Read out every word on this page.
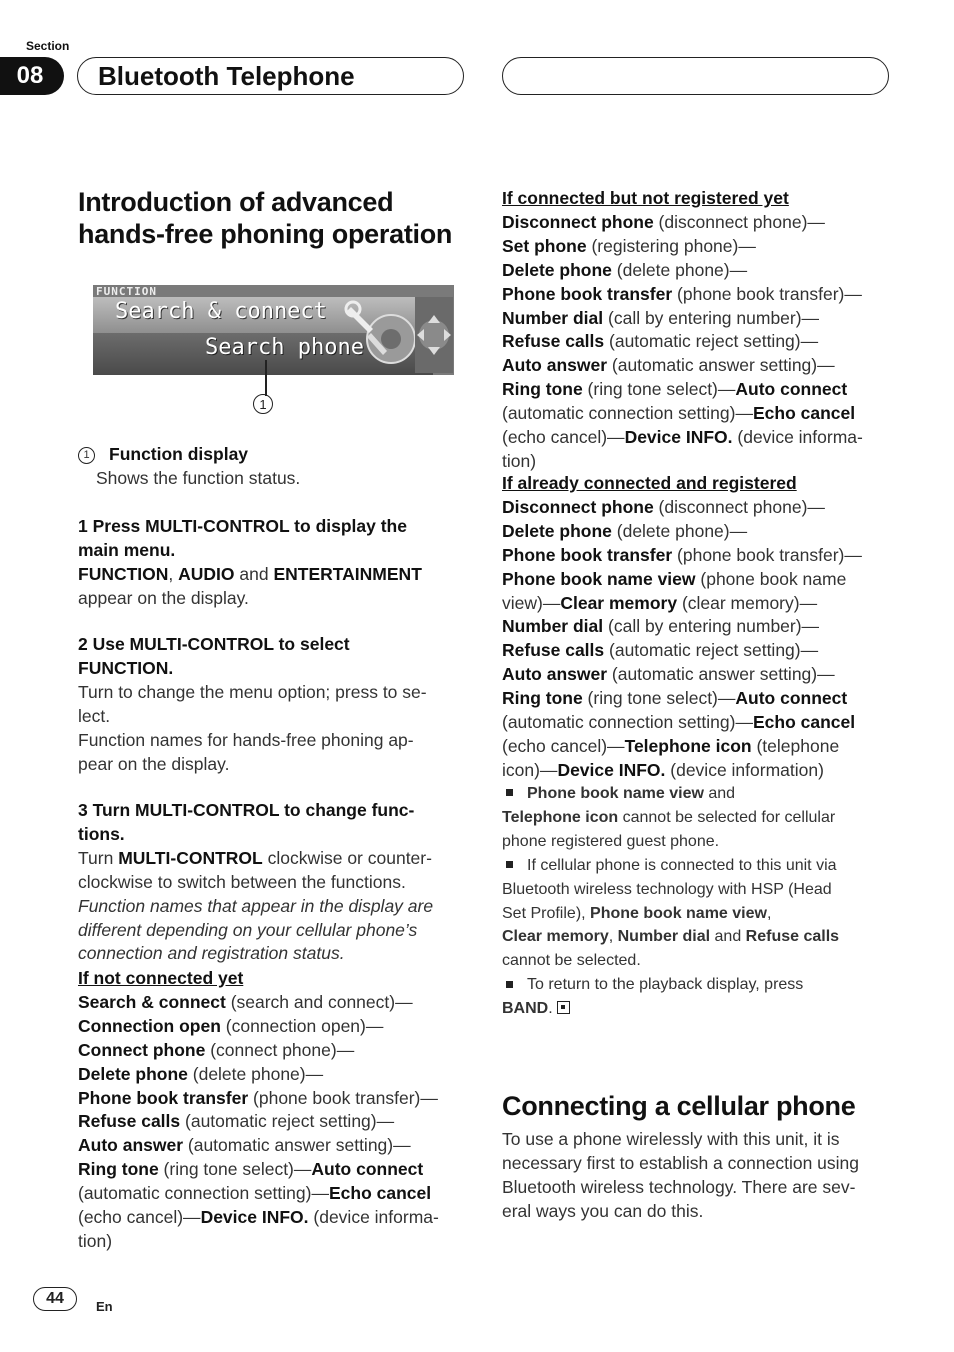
Section
08	Bluetooth Telephone
Introduction of advanced
hands-free phoning operation
FUNCTION
Search & connect
Search phone
1
1 Function display
Shows the function status.
1 Press MULTI-CONTROL to display the
main menu.
FUNCTION, AUDIO and ENTERTAINMENT
appear on the display.
2 Use MULTI-CONTROL to select
FUNCTION.
Turn to change the menu option; press to se-
lect.
Function names for hands-free phoning ap-
pear on the display.
3 Turn MULTI-CONTROL to change func-
tions.
Turn MULTI-CONTROL clockwise or counter-
clockwise to switch between the functions.
Function names that appear in the display are
different depending on your cellular phone’s
connection and registration status.
If not connected yet
Search & connect (search and connect)—
Connection open (connection open)—
Connect phone (connect phone)—
Delete phone (delete phone)—
Phone book transfer (phone book transfer)—
Refuse calls (automatic reject setting)—
Auto answer (automatic answer setting)—
Ring tone (ring tone select)—Auto connect
(automatic connection setting)—Echo cancel
(echo cancel)—Device INFO. (device informa-
tion)
If connected but not registered yet
Disconnect phone (disconnect phone)—
Set phone (registering phone)—
Delete phone (delete phone)—
Phone book transfer (phone book transfer)—
Number dial (call by entering number)—
Refuse calls (automatic reject setting)—
Auto answer (automatic answer setting)—
Ring tone (ring tone select)—Auto connect
(automatic connection setting)—Echo cancel
(echo cancel)—Device INFO. (device informa-
tion)
If already connected and registered
Disconnect phone (disconnect phone)—
Delete phone (delete phone)—
Phone book transfer (phone book transfer)—
Phone book name view (phone book name
view)—Clear memory (clear memory)—
Number dial (call by entering number)—
Refuse calls (automatic reject setting)—
Auto answer (automatic answer setting)—
Ring tone (ring tone select)—Auto connect
(automatic connection setting)—Echo cancel
(echo cancel)—Telephone icon (telephone
icon)—Device INFO. (device information)
Phone book name view and
Telephone icon cannot be selected for cellular
phone registered guest phone.
If cellular phone is connected to this unit via
Bluetooth wireless technology with HSP (Head
Set Profile), Phone book name view,
Clear memory, Number dial and Refuse calls
cannot be selected.
To return to the playback display, press
BAND.
Connecting a cellular phone
To use a phone wirelessly with this unit, it is
necessary first to establish a connection using
Bluetooth wireless technology. There are sev-
eral ways you can do this.
44	En
